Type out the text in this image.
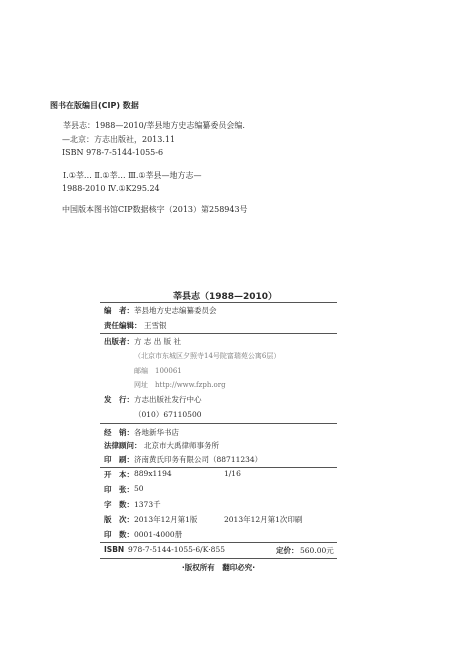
图书在版编目(CIP) 数据
莘县志：1988—2010/莘县地方史志编纂委员会编.
—北京：方志出版社，2013.11
ISBN 978-7-5144-1055-6
Ⅰ.①莘… Ⅱ.①莘… Ⅲ.①莘县—地方志—
1988-2010 Ⅳ.①K295.24
中国版本图书馆CIP数据核字（2013）第258943号
莘县志（1988—2010）
编　者： 莘县地方史志编纂委员会
责任编辑： 王雪银
出版者： 方 志 出 版 社
（北京市东城区夕照寺14号院富瑞苑公寓6层）
邮编　100061
网址　http://www.fzph.org
发　行： 方志出版社发行中心
（010）67110500
经　销： 各地新华书店
法律顾问： 北京市大禹律师事务所
印　刷： 济南黄氏印务有限公司（88711234）
开　本： 889x1194	1/16
印　张： 50
字　数： 1373千
版　次： 2013年12月第1版	2013年12月第1次印刷
印　数： 0001-4000册
ISBN 978-7-5144-1055-6/K·855	定价： 560.00元
·版权所有　翻印必究·
